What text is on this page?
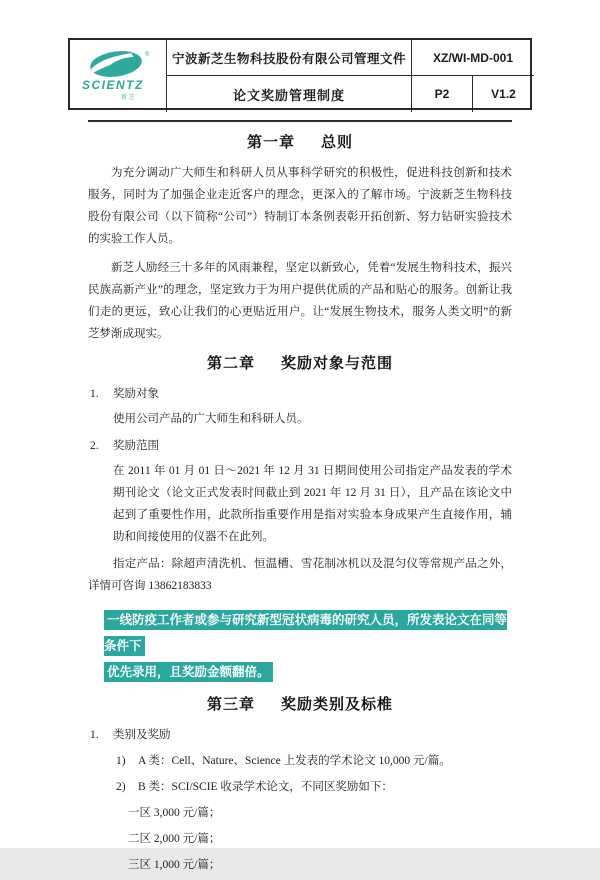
®
SCIENTZ
新 芝
宁波新芝生物科技股份有限公司管理文件 XZ/WI-MD-001
论文奖励管理制度	P2	V1.2
第一章 总则

为充分调动广大师生和科研人员从事科学研究的积极性，促进科技创新和技术服务，同时为了加强企业走近客户的理念，更深入的了解市场。宁波新芝生物科技股份有限公司（以下简称“公司”）特制订本条例表彰开拓创新、努力钻研实验技术的实验工作人员。

新芝人励经三十多年的风雨兼程，坚定以新致心，凭着“发展生物科技术，振兴民族高新产业”的理念，坚定致力于为用户提供优质的产品和贴心的服务。创新让我们走的更远，致心让我们的心更贴近用户。让“发展生物技术，服务人类文明”的新芝梦渐成现实。

第二章 奖励对象与范围
1.	奖励对象

使用公司产品的广大师生和科研人员。

2.	奖励范围

在 2011 年 01 月 01 日～2021 年 12 月 31 日期间使用公司指定产品发表的学术期刊论文（论文正式发表时间截止到 2021 年 12 月 31 日），且产品在该论文中起到了重要性作用，此款所指重要作用是指对实验本身成果产生直接作用，辅助和间接使用的仪器不在此列。

指定产品：除超声清洗机、恒温槽、雪花制冰机以及混匀仪等常规产品之外，详情可咨询 13862183833

一线防疫工作者或参与研究新型冠状病毒的研究人员，所发表论文在同等条件下
优先录用，且奖励金额翻倍。
第三章 奖励类别及标椎
1.	类别及奖励
1)	A 类：Cell、Nature、Science 上发表的学术论文 10,000 元/篇。
2)	B 类：SCI/SCIE 收录学术论文，不同区奖励如下：
一区 3,000 元/篇；
二区 2,000 元/篇；
三区 1,000 元/篇；
